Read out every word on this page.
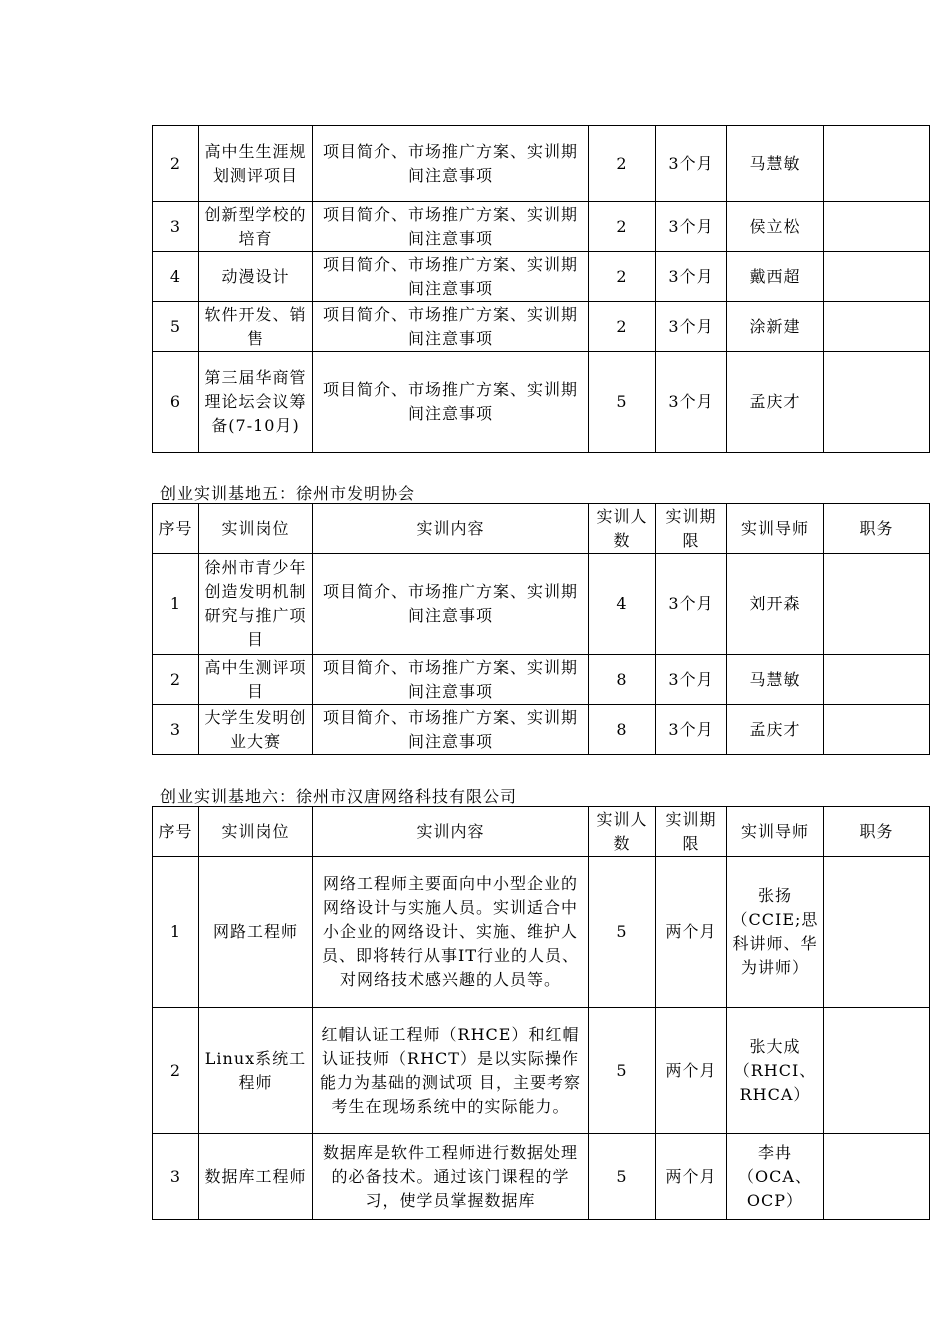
2	高中生生涯规划测评项目	项目简介、市场推广方案、实训期间注意事项	2	3个月	马慧敏	
3	创新型学校的培育	项目简介、市场推广方案、实训期间注意事项	2	3个月	侯立松	
4	动漫设计	项目简介、市场推广方案、实训期间注意事项	2	3个月	戴西超	
5	软件开发、销售	项目简介、市场推广方案、实训期间注意事项	2	3个月	涂新建	
6	第三届华商管理论坛会议筹备(7-10月)	项目简介、市场推广方案、实训期间注意事项	5	3个月	孟庆才	
创业实训基地五：徐州市发明协会
序号	实训岗位	实训内容	实训人数	实训期限	实训导师	职务
1	徐州市青少年创造发明机制研究与推广项目	项目简介、市场推广方案、实训期间注意事项	4	3个月	刘开森	
2	高中生测评项目	项目简介、市场推广方案、实训期间注意事项	8	3个月	马慧敏	
3	大学生发明创业大赛	项目简介、市场推广方案、实训期间注意事项	8	3个月	孟庆才	
创业实训基地六：徐州市汉唐网络科技有限公司
序号	实训岗位	实训内容	实训人数	实训期限	实训导师	职务
1	网路工程师	网络工程师主要面向中小型企业的网络设计与实施人员。实训适合中小企业的网络设计、实施、维护人员、即将转行从事IT行业的人员、对网络技术感兴趣的人员等。	5	两个月	张扬（CCIE;思科讲师、华为讲师）	
2	Linux系统工程师	红帽认证工程师（RHCE）和红帽认证技师（RHCT）是以实际操作能力为基础的测试项 目，主要考察考生在现场系统中的实际能力。	5	两个月	张大成（RHCI、RHCA）	
3	数据库工程师	数据库是软件工程师进行数据处理的必备技术。通过该门课程的学习，使学员掌握数据库	5	两个月	李冉（OCA、OCP）	
